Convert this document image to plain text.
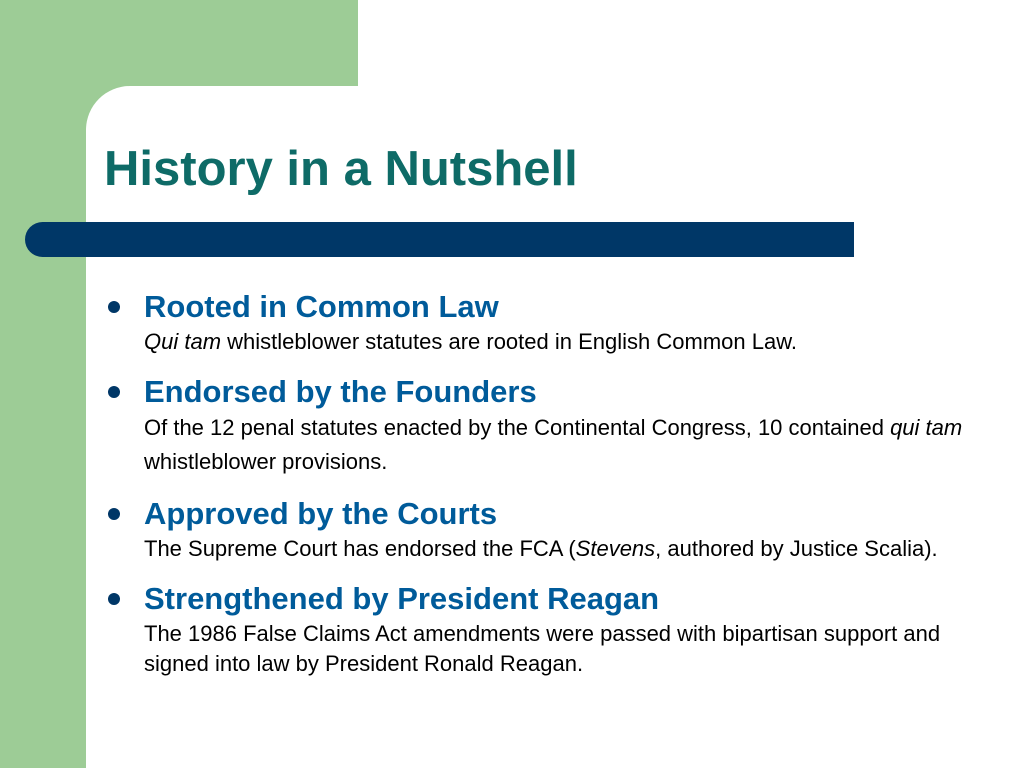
History in a Nutshell
Rooted in Common Law
Qui tam whistleblower statutes are rooted in English Common Law.
Endorsed by the Founders
Of the 12 penal statutes enacted by the Continental Congress, 10 contained qui tam whistleblower provisions.
Approved by the Courts
The Supreme Court has endorsed the FCA (Stevens, authored by Justice Scalia).
Strengthened by President Reagan
The 1986 False Claims Act amendments were passed with bipartisan support and signed into law by President Ronald Reagan.
